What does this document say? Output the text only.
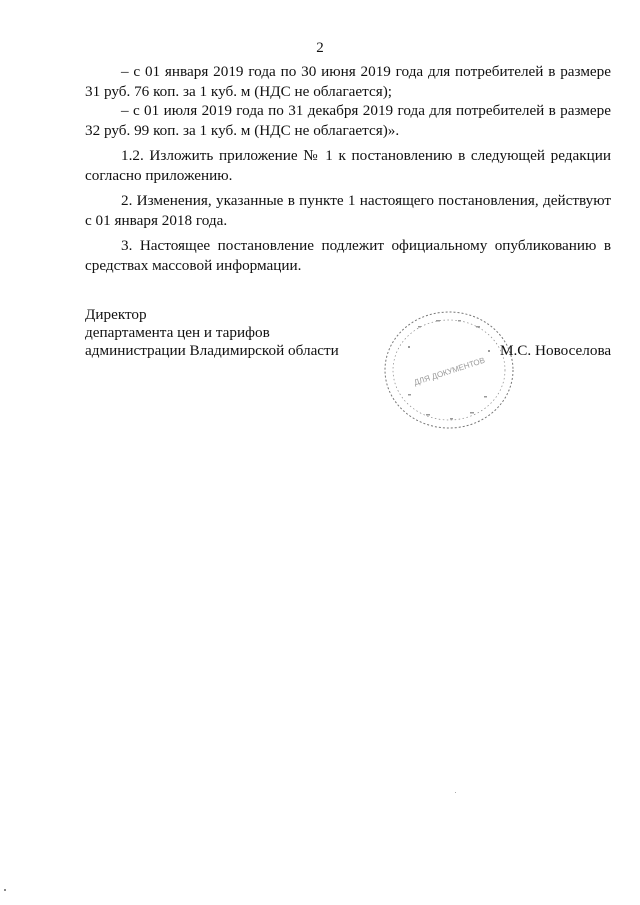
2

– с 01 января 2019 года по 30 июня 2019 года для потребителей в размере 31 руб. 76 коп. за 1 куб. м (НДС не облагается);

– с 01 июля 2019 года по 31 декабря 2019 года для потребителей в размере 32 руб. 99 коп. за 1 куб. м (НДС не облагается)».

1.2. Изложить приложение № 1 к постановлению в следующей редакции согласно приложению.

2. Изменения, указанные в пункте 1 настоящего постановления, действуют с 01 января 2018 года.

3. Настоящее постановление подлежит официальному опубликованию в средствах массовой информации.

Директор
департамента цен и тарифов
администрации Владимирской области
ДЛЯ ДОКУМЕНТОВ
М.С. Новоселова
